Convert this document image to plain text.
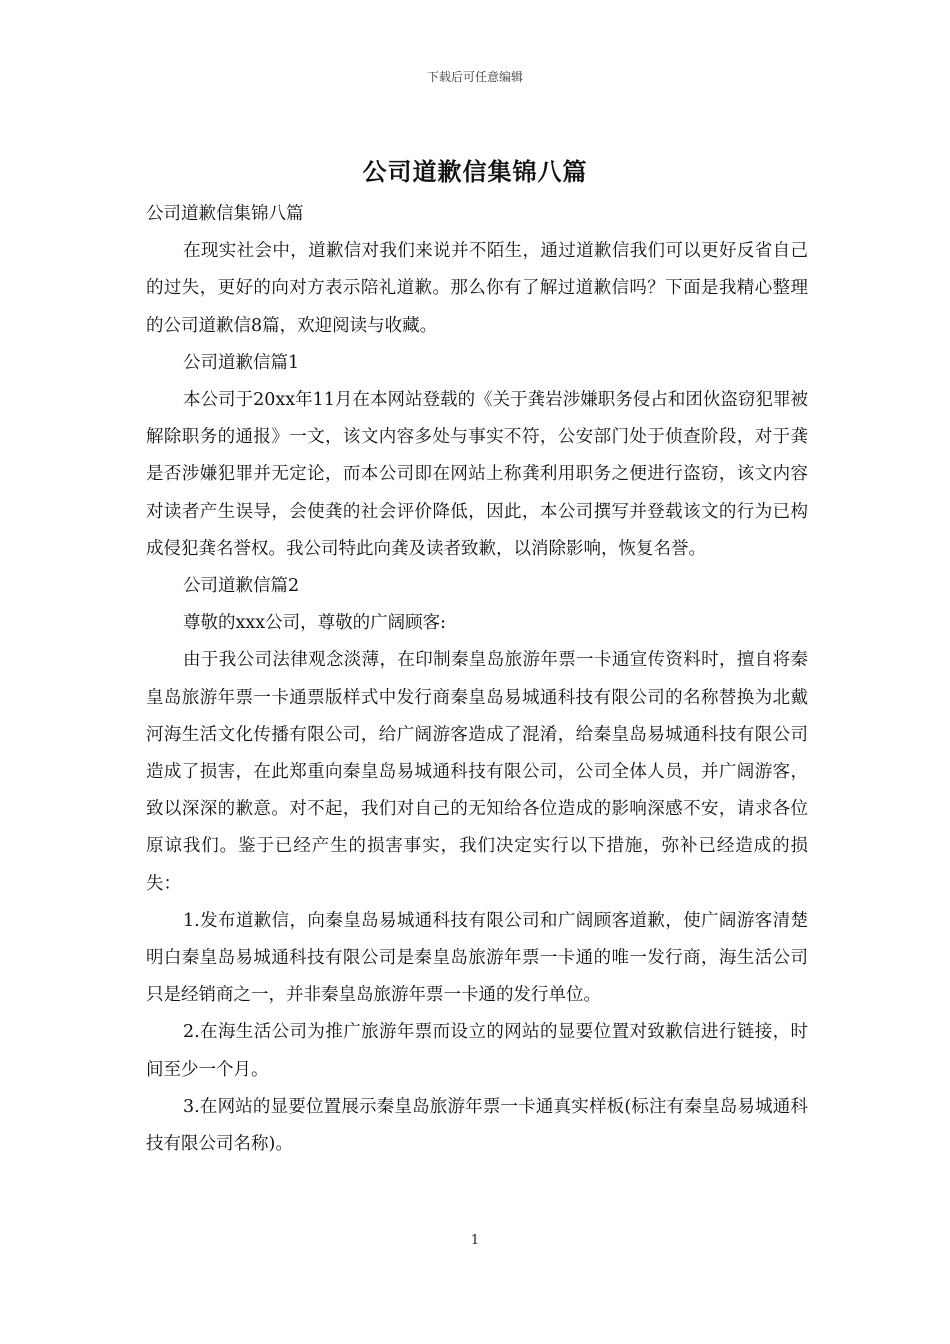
下载后可任意编辑
公司道歉信集锦八篇

公司道歉信集锦八篇

在现实社会中，道歉信对我们来说并不陌生，通过道歉信我们可以更好反省自己的过失，更好的向对方表示陪礼道歉。那么你有了解过道歉信吗？下面是我精心整理的公司道歉信8篇，欢迎阅读与收藏。

公司道歉信篇1

本公司于20xx年11月在本网站登载的《关于龚岩涉嫌职务侵占和团伙盗窃犯罪被解除职务的通报》一文，该文内容多处与事实不符，公安部门处于侦查阶段，对于龚是否涉嫌犯罪并无定论，而本公司即在网站上称龚利用职务之便进行盗窃，该文内容对读者产生误导，会使龚的社会评价降低，因此，本公司撰写并登载该文的行为已构成侵犯龚名誉权。我公司特此向龚及读者致歉，以消除影响，恢复名誉。

公司道歉信篇2

尊敬的xxx公司，尊敬的广阔顾客:

由于我公司法律观念淡薄，在印制秦皇岛旅游年票一卡通宣传资料时，擅自将秦皇岛旅游年票一卡通票版样式中发行商秦皇岛易城通科技有限公司的名称替换为北戴河海生活文化传播有限公司，给广阔游客造成了混淆，给秦皇岛易城通科技有限公司造成了损害，在此郑重向秦皇岛易城通科技有限公司，公司全体人员，并广阔游客，致以深深的歉意。对不起，我们对自己的无知给各位造成的影响深感不安，请求各位原谅我们。鉴于已经产生的损害事实，我们决定实行以下措施，弥补已经造成的损失：

1.发布道歉信，向秦皇岛易城通科技有限公司和广阔顾客道歉，使广阔游客清楚明白秦皇岛易城通科技有限公司是秦皇岛旅游年票一卡通的唯一发行商，海生活公司只是经销商之一，并非秦皇岛旅游年票一卡通的发行单位。

2.在海生活公司为推广旅游年票而设立的网站的显要位置对致歉信进行链接，时间至少一个月。

3.在网站的显要位置展示秦皇岛旅游年票一卡通真实样板(标注有秦皇岛易城通科技有限公司名称)。

1
